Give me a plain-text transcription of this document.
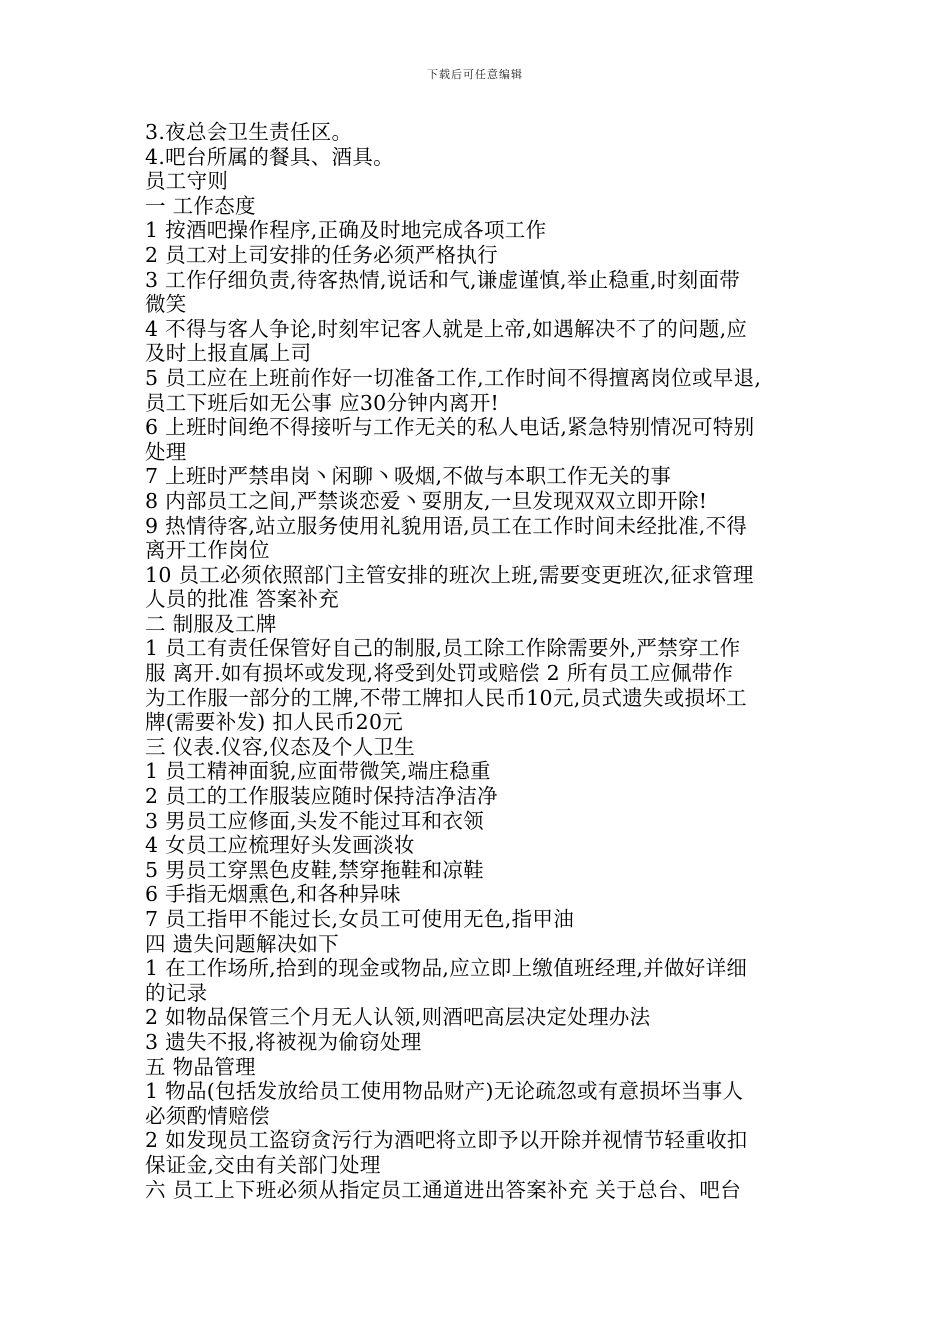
下载后可任意编辑
3.夜总会卫生责任区。
4.吧台所属的餐具、酒具。
员工守则
一 工作态度
1 按酒吧操作程序,正确及时地完成各项工作
2 员工对上司安排的任务必须严格执行
3 工作仔细负责,待客热情,说话和气,谦虚谨慎,举止稳重,时刻面带
微笑
4 不得与客人争论,时刻牢记客人就是上帝,如遇解决不了的问题,应
及时上报直属上司
5 员工应在上班前作好一切准备工作,工作时间不得擅离岗位或早退,
员工下班后如无公事 应30分钟内离开!
6 上班时间绝不得接听与工作无关的私人电话,紧急特别情况可特别
处理
7 上班时严禁串岗丶闲聊丶吸烟,不做与本职工作无关的事
8 内部员工之间,严禁谈恋爱丶耍朋友,一旦发现双双立即开除!
9 热情待客,站立服务使用礼貌用语,员工在工作时间未经批准,不得
离开工作岗位
10 员工必须依照部门主管安排的班次上班,需要变更班次,征求管理
人员的批准 答案补充
二 制服及工牌
1 员工有责任保管好自己的制服,员工除工作除需要外,严禁穿工作
服 离开.如有损坏或发现,将受到处罚或赔偿 2 所有员工应佩带作
为工作服一部分的工牌,不带工牌扣人民币10元,员式遗失或损坏工
牌(需要补发) 扣人民币20元
三 仪表.仪容,仪态及个人卫生
1 员工精神面貌,应面带微笑,端庄稳重
2 员工的工作服装应随时保持洁净洁净
3 男员工应修面,头发不能过耳和衣领
4 女员工应梳理好头发画淡妆
5 男员工穿黑色皮鞋,禁穿拖鞋和凉鞋
6 手指无烟熏色,和各种异味
7 员工指甲不能过长,女员工可使用无色,指甲油
四 遗失问题解决如下
1 在工作场所,拾到的现金或物品,应立即上缴值班经理,并做好详细
的记录
2 如物品保管三个月无人认领,则酒吧高层决定处理办法
3 遗失不报,将被视为偷窃处理
五 物品管理
1 物品(包括发放给员工使用物品财产)无论疏忽或有意损坏当事人
必须酌情赔偿
2 如发现员工盗窃贪污行为酒吧将立即予以开除并视情节轻重收扣
保证金,交由有关部门处理
六 员工上下班必须从指定员工通道进出答案补充 关于总台、吧台
